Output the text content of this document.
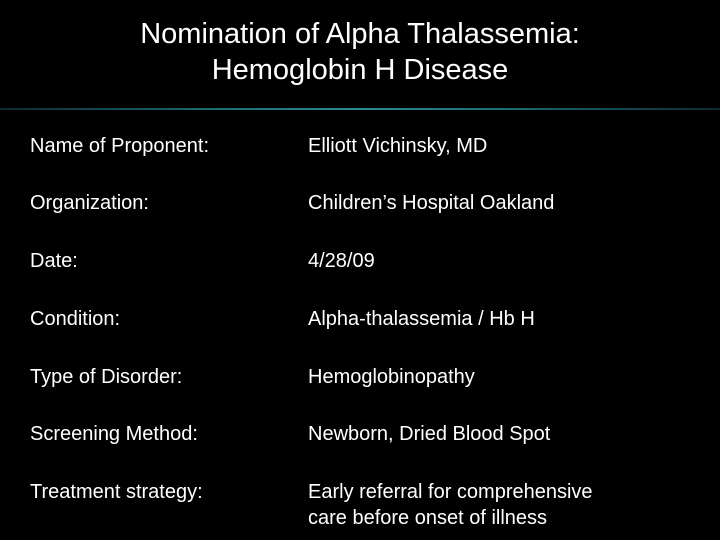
Nomination of Alpha Thalassemia:
Hemoglobin H Disease
Name of Proponent:	Elliott Vichinsky, MD
Organization:	Children’s Hospital Oakland
Date:	4/28/09
Condition:	Alpha-thalassemia / Hb H
Type of Disorder:	Hemoglobinopathy
Screening Method:	Newborn, Dried Blood Spot
Treatment strategy:	Early referral for comprehensive
care before onset of illness
